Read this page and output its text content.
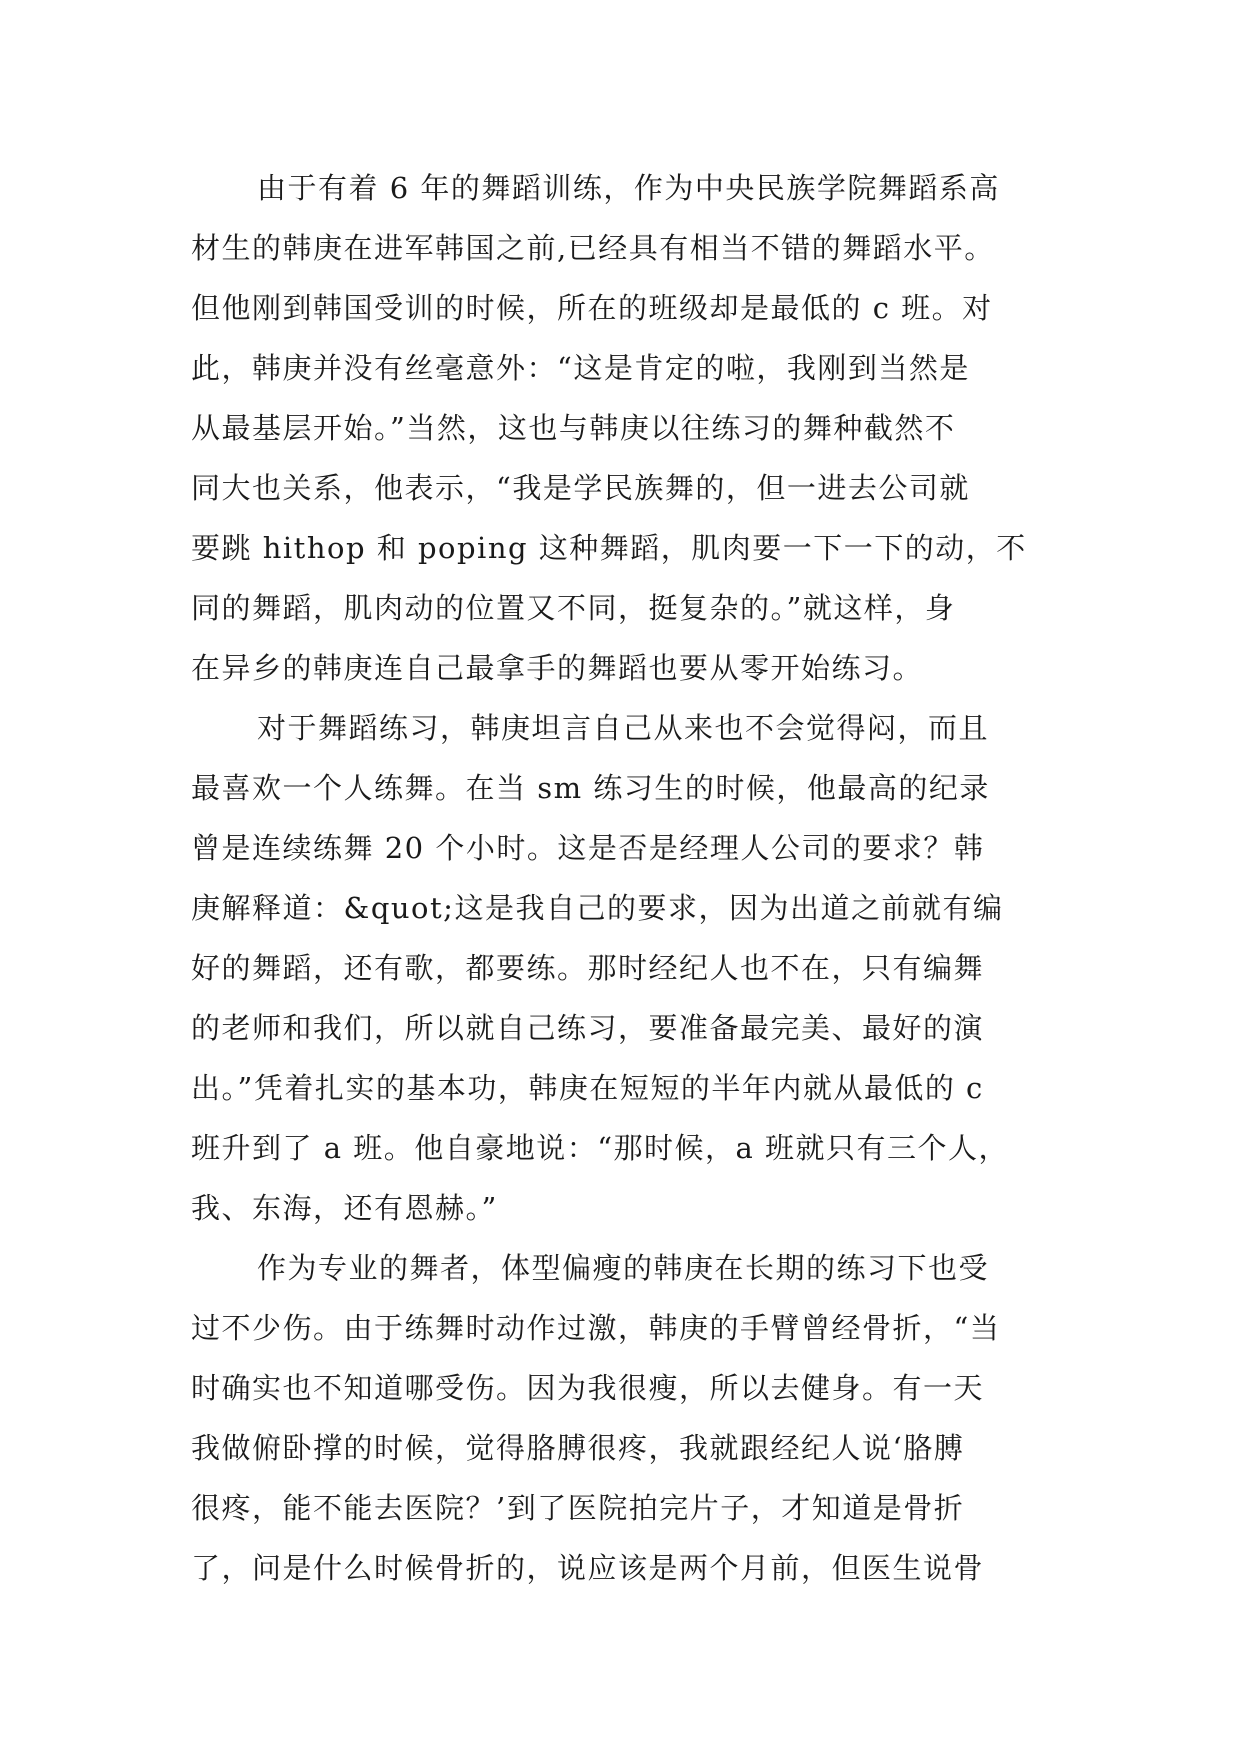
由于有着 6 年的舞蹈训练，作为中央民族学院舞蹈系高
材生的韩庚在进军韩国之前,已经具有相当不错的舞蹈水平。
但他刚到韩国受训的时候，所在的班级却是最低的 c 班。对
此，韩庚并没有丝毫意外：“这是肯定的啦，我刚到当然是
从最基层开始。”当然，这也与韩庚以往练习的舞种截然不
同大也关系，他表示，“我是学民族舞的，但一进去公司就
要跳 hithop 和 poping 这种舞蹈，肌肉要一下一下的动，不
同的舞蹈，肌肉动的位置又不同，挺复杂的。”就这样，身
在异乡的韩庚连自己最拿手的舞蹈也要从零开始练习。
对于舞蹈练习，韩庚坦言自己从来也不会觉得闷，而且
最喜欢一个人练舞。在当 sm 练习生的时候，他最高的纪录
曾是连续练舞 20 个小时。这是否是经理人公司的要求？韩
庚解释道：&quot;这是我自己的要求，因为出道之前就有编
好的舞蹈，还有歌，都要练。那时经纪人也不在，只有编舞
的老师和我们，所以就自己练习，要准备最完美、最好的演
出。”凭着扎实的基本功，韩庚在短短的半年内就从最低的 c
班升到了 a 班。他自豪地说：“那时候，a 班就只有三个人，
我、东海，还有恩赫。”
作为专业的舞者，体型偏瘦的韩庚在长期的练习下也受
过不少伤。由于练舞时动作过激，韩庚的手臂曾经骨折，“当
时确实也不知道哪受伤。因为我很瘦，所以去健身。有一天
我做俯卧撑的时候，觉得胳膊很疼，我就跟经纪人说‘胳膊
很疼，能不能去医院？’到了医院拍完片子，才知道是骨折
了，问是什么时候骨折的，说应该是两个月前，但医生说骨
